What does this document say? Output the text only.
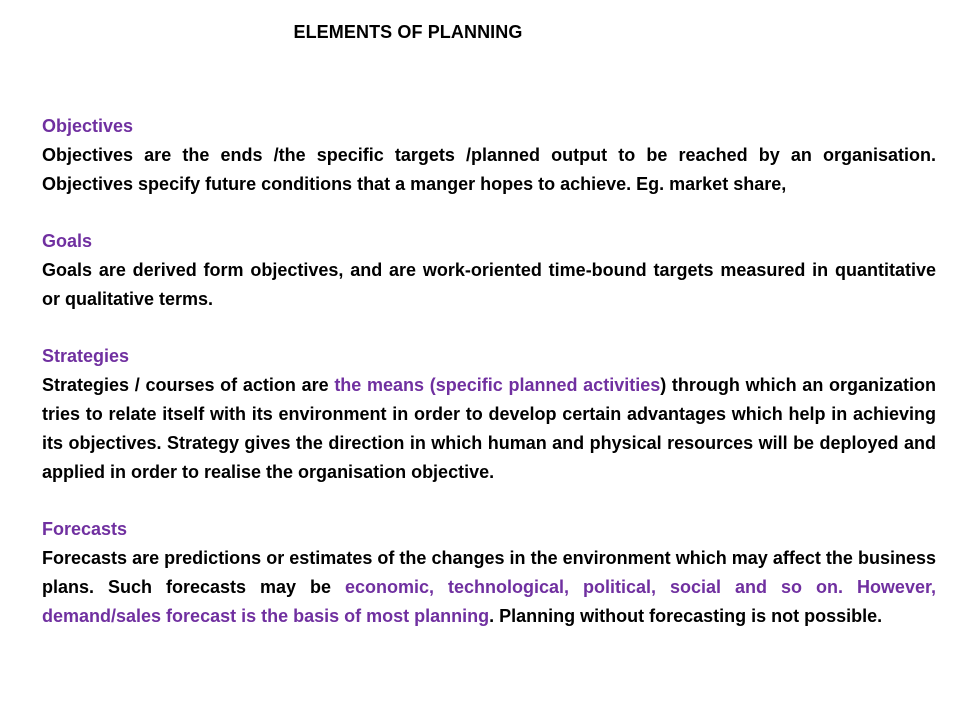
ELEMENTS OF PLANNING

Objectives

Objectives are the ends /the specific targets /planned output to be reached by an organisation. Objectives specify future conditions that a manger hopes to achieve. Eg. market share,

Goals

Goals are derived form objectives, and are work-oriented time-bound targets measured in quantitative or qualitative terms.

Strategies

Strategies / courses of action are the means (specific planned activities) through which an organization tries to relate itself with its environment in order to develop certain advantages which help in achieving its objectives. Strategy gives the direction in which human and physical resources will be deployed and applied in order to realise the organisation objective.

Forecasts

Forecasts are predictions or estimates of the changes in the environment which may affect the business plans. Such forecasts may be economic, technological, political, social and so on. However, demand/sales forecast is the basis of most planning. Planning without forecasting is not possible.
